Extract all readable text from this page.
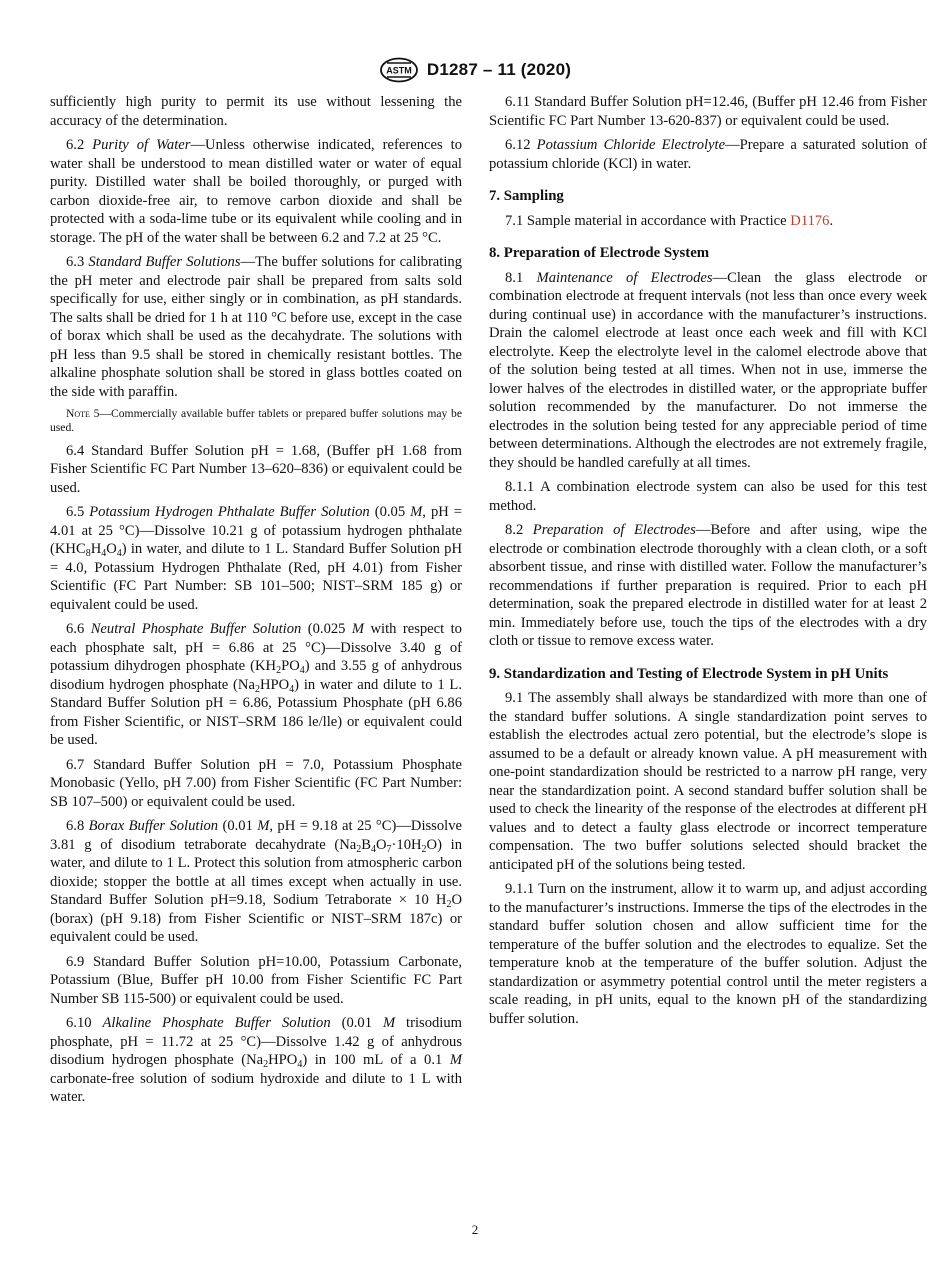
ASTM D1287 – 11 (2020)

sufficiently high purity to permit its use without lessening the accuracy of the determination.

6.2 Purity of Water—Unless otherwise indicated, references to water shall be understood to mean distilled water or water of equal purity. Distilled water shall be boiled thoroughly, or purged with carbon dioxide-free air, to remove carbon dioxide and shall be protected with a soda-lime tube or its equivalent while cooling and in storage. The pH of the water shall be between 6.2 and 7.2 at 25 °C.

6.3 Standard Buffer Solutions—The buffer solutions for calibrating the pH meter and electrode pair shall be prepared from salts sold specifically for use, either singly or in combination, as pH standards. The salts shall be dried for 1 h at 110 °C before use, except in the case of borax which shall be used as the decahydrate. The solutions with pH less than 9.5 shall be stored in chemically resistant bottles. The alkaline phosphate solution shall be stored in glass bottles coated on the side with paraffin.

Note 5—Commercially available buffer tablets or prepared buffer solutions may be used.

6.4 Standard Buffer Solution pH = 1.68, (Buffer pH 1.68 from Fisher Scientific FC Part Number 13–620–836) or equivalent could be used.

6.5 Potassium Hydrogen Phthalate Buffer Solution (0.05 M, pH = 4.01 at 25 °C)—Dissolve 10.21 g of potassium hydrogen phthalate $(KHC_8H_4O_4)$ in water, and dilute to 1 L. Standard Buffer Solution pH = 4.0, Potassium Hydrogen Phthalate (Red, pH 4.01) from Fisher Scientific (FC Part Number: SB 101–500; NIST–SRM 185 g) or equivalent could be used.

6.6 Neutral Phosphate Buffer Solution (0.025 M with respect to each phosphate salt, pH = 6.86 at 25 °C)—Dissolve 3.40 g of potassium dihydrogen phosphate $(KH_2PO_4)$ and 3.55 g of anhydrous disodium hydrogen phosphate $(Na_2HPO_4)$ in water and dilute to 1 L. Standard Buffer Solution pH = 6.86, Potassium Phosphate (pH 6.86 from Fisher Scientific, or NIST–SRM 186 le/lle) or equivalent could be used.

6.7 Standard Buffer Solution pH = 7.0, Potassium Phosphate Monobasic (Yello, pH 7.00) from Fisher Scientific (FC Part Number: SB 107–500) or equivalent could be used.

6.8 Borax Buffer Solution (0.01 M, pH = 9.18 at 25 °C)—Dissolve 3.81 g of disodium tetraborate decahydrate $(Na_2B_4O_7\cdot 10H_2O)$ in water, and dilute to 1 L. Protect this solution from atmospheric carbon dioxide; stopper the bottle at all times except when actually in use. Standard Buffer Solution pH=9.18, Sodium Tetraborate × 10 $H_2O$ (borax) (pH 9.18) from Fisher Scientific or NIST–SRM 187c) or equivalent could be used.

6.9 Standard Buffer Solution pH=10.00, Potassium Carbonate, Potassium (Blue, Buffer pH 10.00 from Fisher Scientific FC Part Number SB 115-500) or equivalent could be used.

6.10 Alkaline Phosphate Buffer Solution (0.01 M trisodium phosphate, pH = 11.72 at 25 °C)—Dissolve 1.42 g of anhydrous disodium hydrogen phosphate $(Na_2HPO_4)$ in 100 mL of a 0.1 M carbonate-free solution of sodium hydroxide and dilute to 1 L with water.

6.11 Standard Buffer Solution pH=12.46, (Buffer pH 12.46 from Fisher Scientific FC Part Number 13-620-837) or equivalent could be used.

6.12 Potassium Chloride Electrolyte—Prepare a saturated solution of potassium chloride (KCl) in water.

7. Sampling

7.1 Sample material in accordance with Practice D1176.

8. Preparation of Electrode System

8.1 Maintenance of Electrodes—Clean the glass electrode or combination electrode at frequent intervals (not less than once every week during continual use) in accordance with the manufacturer’s instructions. Drain the calomel electrode at least once each week and fill with KCl electrolyte. Keep the electrolyte level in the calomel electrode above that of the solution being tested at all times. When not in use, immerse the lower halves of the electrodes in distilled water, or the appropriate buffer solution recommended by the manufacturer. Do not immerse the electrodes in the solution being tested for any appreciable period of time between determinations. Although the electrodes are not extremely fragile, they should be handled carefully at all times.

8.1.1 A combination electrode system can also be used for this test method.

8.2 Preparation of Electrodes—Before and after using, wipe the electrode or combination electrode thoroughly with a clean cloth, or a soft absorbent tissue, and rinse with distilled water. Follow the manufacturer’s recommendations if further preparation is required. Prior to each pH determination, soak the prepared electrode in distilled water for at least 2 min. Immediately before use, touch the tips of the electrodes with a dry cloth or tissue to remove excess water.

9. Standardization and Testing of Electrode System in pH Units

9.1 The assembly shall always be standardized with more than one of the standard buffer solutions. A single standardization point serves to establish the electrodes actual zero potential, but the electrode’s slope is assumed to be a default or already known value. A pH measurement with one-point standardization should be restricted to a narrow pH range, very near the standardization point. A second standard buffer solution shall be used to check the linearity of the response of the electrodes at different pH values and to detect a faulty glass electrode or incorrect temperature compensation. The two buffer solutions selected should bracket the anticipated pH of the solutions being tested.

9.1.1 Turn on the instrument, allow it to warm up, and adjust according to the manufacturer’s instructions. Immerse the tips of the electrodes in the standard buffer solution chosen and allow sufficient time for the temperature of the buffer solution and the electrodes to equalize. Set the temperature knob at the temperature of the buffer solution. Adjust the standardization or asymmetry potential control until the meter registers a scale reading, in pH units, equal to the known pH of the standardizing buffer solution.

2
